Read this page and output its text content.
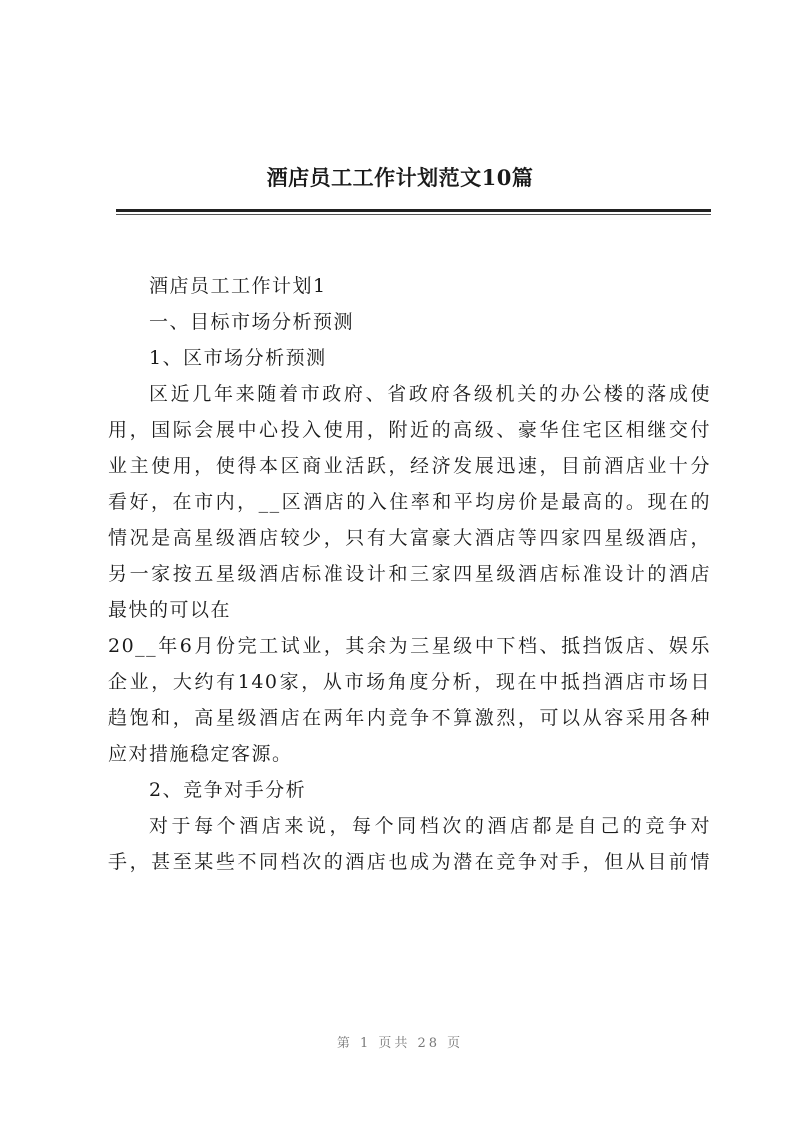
酒店员工工作计划范文10篇
酒店员工工作计划1
一、目标市场分析预测
1、区市场分析预测
区近几年来随着市政府、省政府各级机关的办公楼的落成使
用，国际会展中心投入使用，附近的高级、豪华住宅区相继交付
业主使用，使得本区商业活跃，经济发展迅速，目前酒店业十分
看好，在市内，__区酒店的入住率和平均房价是最高的。现在的
情况是高星级酒店较少，只有大富豪大酒店等四家四星级酒店，
另一家按五星级酒店标准设计和三家四星级酒店标准设计的酒店
最快的可以在
20__年6月份完工试业，其余为三星级中下档、抵挡饭店、娱乐
企业，大约有140家，从市场角度分析，现在中抵挡酒店市场日
趋饱和，高星级酒店在两年内竞争不算激烈，可以从容采用各种
应对措施稳定客源。
2、竞争对手分析
对于每个酒店来说，每个同档次的酒店都是自己的竞争对
手，甚至某些不同档次的酒店也成为潜在竞争对手，但从目前情
第 1 页共 28 页
